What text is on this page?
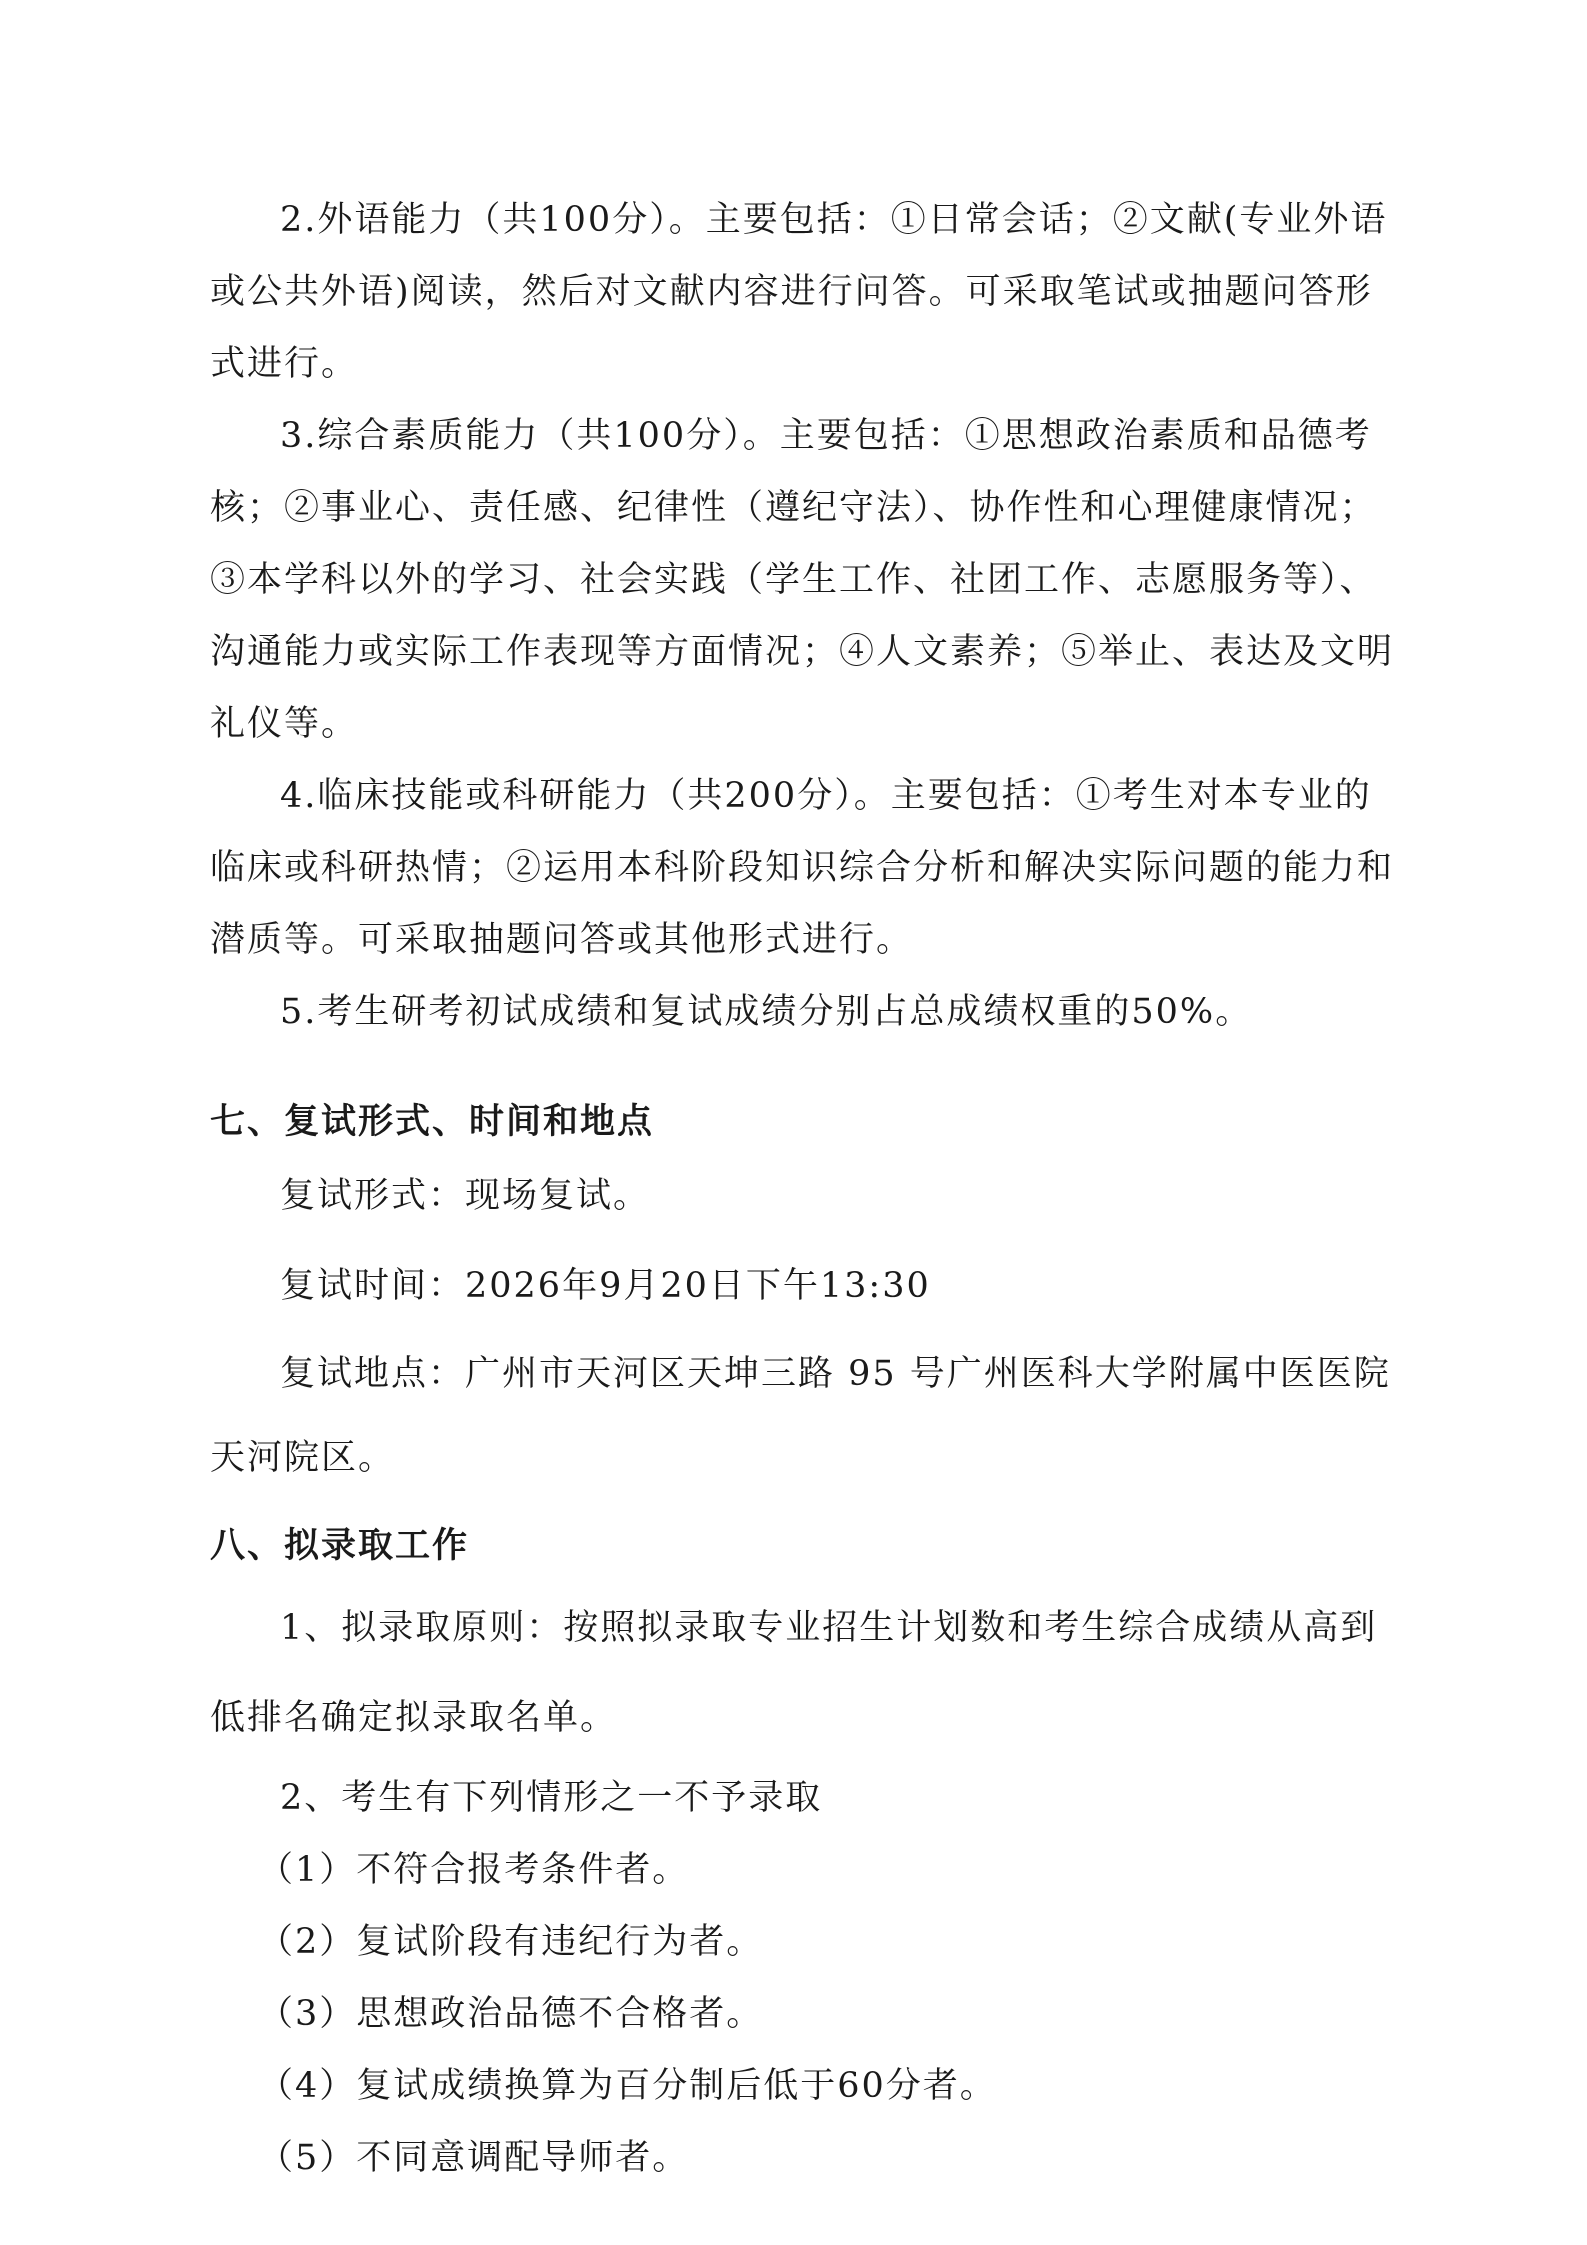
2.外语能力（共100分）。主要包括：①日常会话；②文献(专业外语
或公共外语)阅读，然后对文献内容进行问答。可采取笔试或抽题问答形
式进行。
3.综合素质能力（共100分）。主要包括：①思想政治素质和品德考
核；②事业心、责任感、纪律性（遵纪守法）、协作性和心理健康情况；
③本学科以外的学习、社会实践（学生工作、社团工作、志愿服务等）、
沟通能力或实际工作表现等方面情况；④人文素养；⑤举止、表达及文明
礼仪等。
4.临床技能或科研能力（共200分）。主要包括：①考生对本专业的
临床或科研热情；②运用本科阶段知识综合分析和解决实际问题的能力和
潜质等。可采取抽题问答或其他形式进行。
5.考生研考初试成绩和复试成绩分别占总成绩权重的50%。
七、复试形式、时间和地点
复试形式：现场复试。
复试时间：2026年9月20日下午13:30
复试地点：广州市天河区天坤三路 95 号广州医科大学附属中医医院
天河院区。
八、拟录取工作
1、拟录取原则：按照拟录取专业招生计划数和考生综合成绩从高到
低排名确定拟录取名单。
2、考生有下列情形之一不予录取
（1）不符合报考条件者。
（2）复试阶段有违纪行为者。
（3）思想政治品德不合格者。
（4）复试成绩换算为百分制后低于60分者。
（5）不同意调配导师者。
